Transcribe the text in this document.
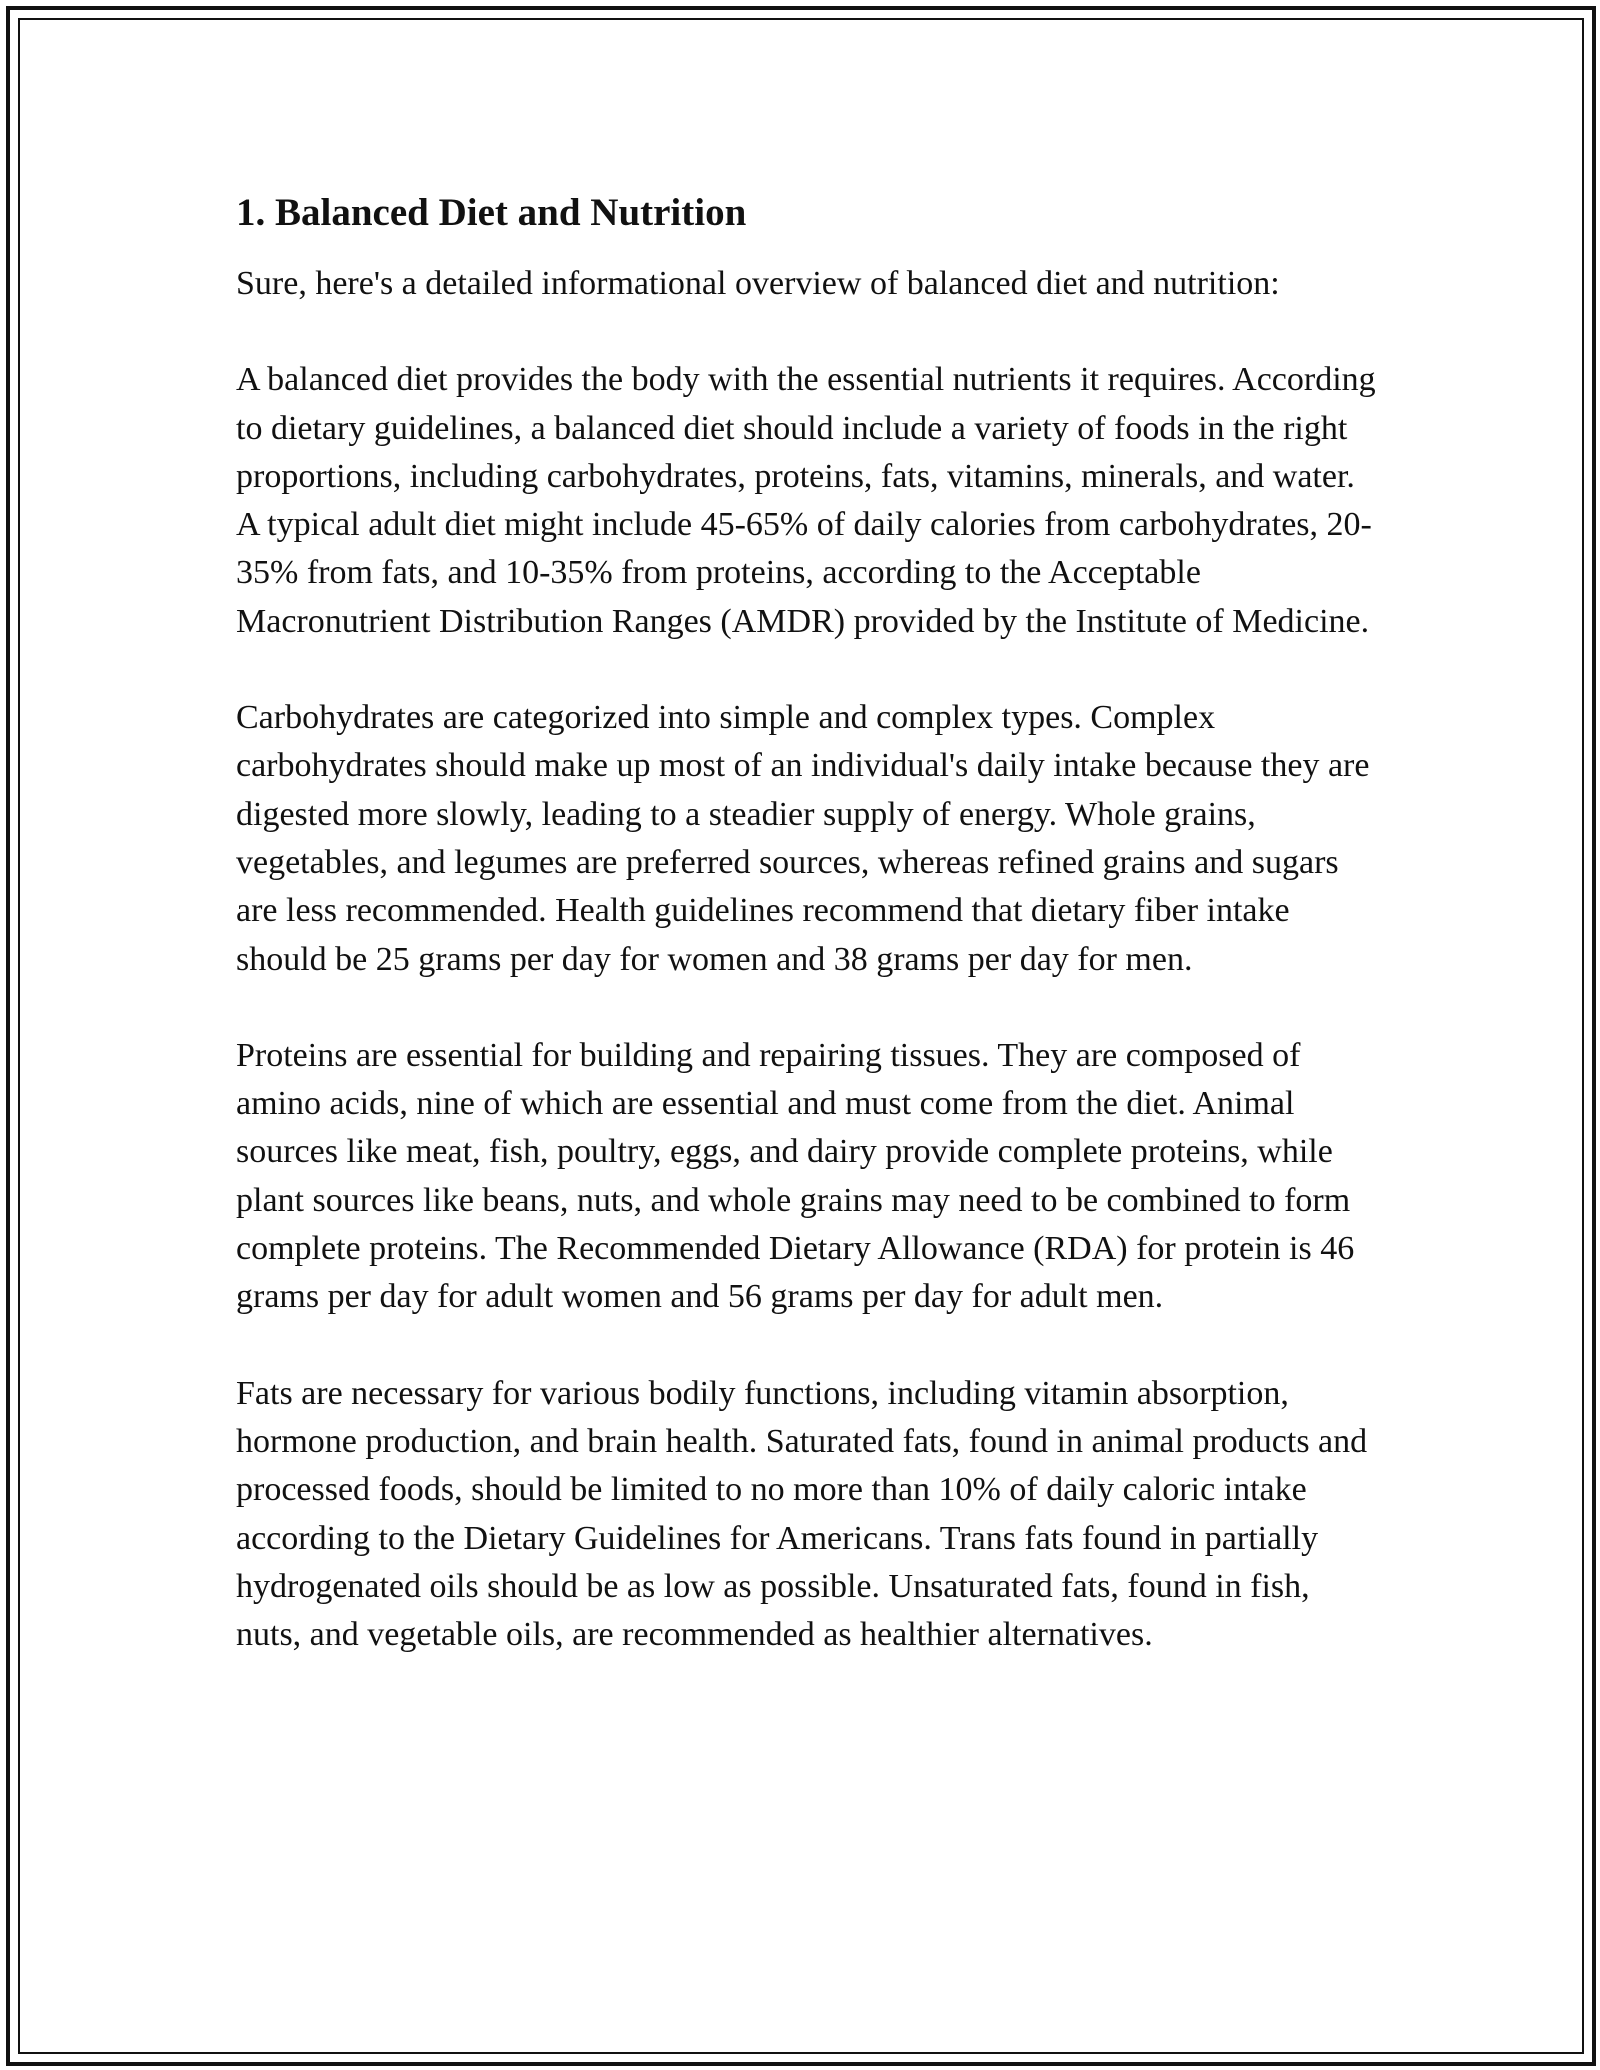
1. Balanced Diet and Nutrition

Sure, here's a detailed informational overview of balanced diet and nutrition:

A balanced diet provides the body with the essential nutrients it requires. According to dietary guidelines, a balanced diet should include a variety of foods in the right proportions, including carbohydrates, proteins, fats, vitamins, minerals, and water. A typical adult diet might include 45-65% of daily calories from carbohydrates, 20-35% from fats, and 10-35% from proteins, according to the Acceptable Macronutrient Distribution Ranges (AMDR) provided by the Institute of Medicine.

Carbohydrates are categorized into simple and complex types. Complex carbohydrates should make up most of an individual's daily intake because they are digested more slowly, leading to a steadier supply of energy. Whole grains, vegetables, and legumes are preferred sources, whereas refined grains and sugars are less recommended. Health guidelines recommend that dietary fiber intake should be 25 grams per day for women and 38 grams per day for men.

Proteins are essential for building and repairing tissues. They are composed of amino acids, nine of which are essential and must come from the diet. Animal sources like meat, fish, poultry, eggs, and dairy provide complete proteins, while plant sources like beans, nuts, and whole grains may need to be combined to form complete proteins. The Recommended Dietary Allowance (RDA) for protein is 46 grams per day for adult women and 56 grams per day for adult men.

Fats are necessary for various bodily functions, including vitamin absorption, hormone production, and brain health. Saturated fats, found in animal products and processed foods, should be limited to no more than 10% of daily caloric intake according to the Dietary Guidelines for Americans. Trans fats found in partially hydrogenated oils should be as low as possible. Unsaturated fats, found in fish, nuts, and vegetable oils, are recommended as healthier alternatives.
